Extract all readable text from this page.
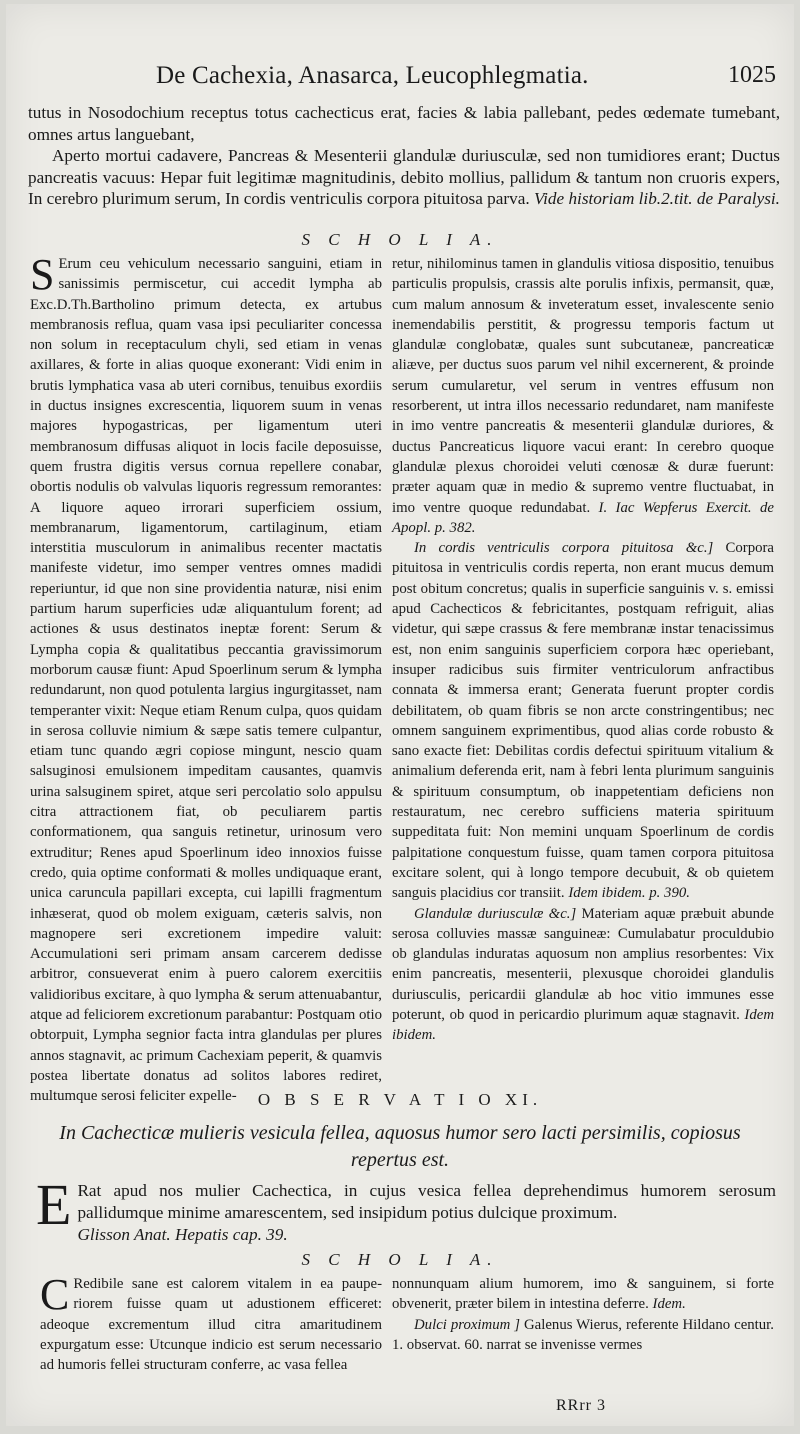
De Cachexia, Anasarca, Leucophlegmatia.	1025

tutus in Nosodochium receptus totus cachecticus erat, facies & labia pallebant, pedes œdemate tumebant, omnes artus languebant,

Aperto mortui cadavere, Pancreas & Mesenterii glandulæ duriusculæ, sed non tumidiores erant; Ductus pancreatis vacuus: Hepar fuit legitimæ magnitudinis, debito mollius, pallidum & tantum non cruoris expers, In cerebro plurimum serum, In cordis ventriculis corpora pituitosa parva. Vide historiam lib.2.tit. de Paralysi.

S C H O L I A.

S Erum ceu vehiculum necessario sanguini, etiam in sanissimis permiscetur, cui accedit lympha ab Exc.D.Th.Bartholino primum detecta, ex artubus membranosis reflua, quam vasa ipsi peculiariter concessa non solum in receptaculum chyli, sed etiam in venas axillares, & forte in alias quoque exonerant: Vidi enim in brutis lymphatica vasa ab uteri cornibus, tenuibus exordiis in ductus insignes excrescentia, liquorem suum in venas majores hypogastricas, per ligamentum uteri membranosum diffusas aliquot in locis facile deposuisse, quem frustra digitis versus cornua repellere conabar, obortis nodulis ob valvulas liquoris regressum remorantes: A liquore aqueo irrorari superficiem ossium, membranarum, ligamentorum, cartilaginum, etiam interstitia musculorum in animalibus recenter mactatis manifeste videtur, imo semper ventres omnes madidi reperiuntur, id que non sine providentia naturæ, nisi enim partium harum superficies udæ aliquantulum forent; ad actiones & usus destinatos ineptæ forent: Serum & Lympha copia & qualitatibus peccantia gravissimorum morborum causæ fiunt: Apud Spoerlinum serum & lympha redundarunt, non quod potulenta largius ingurgitasset, nam temperanter vixit: Neque etiam Renum culpa, quos quidam in serosa colluvie nimium & sæpe satis temere culpantur, etiam tunc quando ægri copiose mingunt, nescio quam salsuginosi emulsionem impeditam causantes, quamvis urina salsuginem spiret, atque seri percolatio solo appulsu citra attractionem fiat, ob peculiarem partis conformationem, qua sanguis retinetur, urinosum vero extruditur; Renes apud Spoerlinum ideo innoxios fuisse credo, quia optime conformati & molles undiquaque erant, unica caruncula papillari excepta, cui lapilli fragmentum inhæserat, quod ob molem exiguam, cæteris salvis, non magnopere seri excretionem impedire valuit: Accumulationi seri primam ansam carcerem dedisse arbitror, consueverat enim à puero calorem exercitiis validioribus excitare, à quo lympha & serum attenuabantur, atque ad feliciorem excretionum parabantur: Postquam otio obtorpuit, Lympha segnior facta intra glandulas per plures annos stagnavit, ac primum Cachexiam peperit, & quamvis postea libertate donatus ad solitos labores rediret, multumque serosi feliciter expelle-

retur, nihilominus tamen in glandulis vitiosa dispositio, tenuibus particulis propulsis, crassis alte porulis infixis, permansit, quæ, cum malum annosum & inveteratum esset, invalescente senio inemendabilis perstitit, & progressu temporis factum ut glandulæ conglobatæ, quales sunt subcutaneæ, pancreaticæ aliæve, per ductus suos parum vel nihil excernerent, & proinde serum cumularetur, vel serum in ventres effusum non resorberent, ut intra illos necessario redundaret, nam manifeste in imo ventre pancreatis & mesenterii glandulæ duriores, & ductus Pancreaticus liquore vacui erant: In cerebro quoque glandulæ plexus choroidei veluti cœnosæ & duræ fuerunt: præter aquam quæ in medio & supremo ventre fluctuabat, in imo ventre quoque redundabat. I. Iac Wepferus Exercit. de Apopl. p. 382.

In cordis ventriculis corpora pituitosa &c.] Corpora pituitosa in ventriculis cordis reperta, non erant mucus demum post obitum concretus; qualis in superficie sanguinis v. s. emissi apud Cachecticos & febricitantes, postquam refriguit, alias videtur, qui sæpe crassus & fere membranæ instar tenacissimus est, non enim sanguinis superficiem corpora hæc operiebant, insuper radicibus suis firmiter ventriculorum anfractibus connata & immersa erant; Generata fuerunt propter cordis debilitatem, ob quam fibris se non arcte constringentibus; nec omnem sanguinem exprimentibus, quod alias corde robusto & sano exacte fiet: Debilitas cordis defectui spirituum vitalium & animalium deferenda erit, nam à febri lenta plurimum sanguinis & spirituum consumptum, ob inappetentiam deficiens non restauratum, nec cerebro sufficiens materia spirituum suppeditata fuit: Non memini unquam Spoerlinum de cordis palpitatione conquestum fuisse, quam tamen corpora pituitosa excitare solent, qui à longo tempore decubuit, & ob quietem sanguis placidius cor transiit. Idem ibidem. p. 390.

Glandulæ duriusculæ &c.] Materiam aquæ præbuit abunde serosa colluvies massæ sanguineæ: Cumulabatur proculdubio ob glandulas induratas aquosum non amplius resorbentes: Vix enim pancreatis, mesenterii, plexusque choroidei glandulis duriusculis, pericardii glandulæ ab hoc vitio immunes esse poterunt, ob quod in pericardio plurimum aquæ stagnavit. Idem ibidem.

O B S E R V A T I O XI.
In Cachecticæ mulieris vesicula fellea, aquosus humor sero lacti persimilis, copiosus repertus est.

E Rat apud nos mulier Cachectica, in cujus vesica fellea deprehendimus humorem serosum pallidumque minime amarescentem, sed insipidum potius dulcique proximum.
Glisson Anat. Hepatis cap. 39.

S C H O L I A.

C Redibile sane est calorem vitalem in ea paupe-riorem fuisse quam ut adustionem efficeret: adeoque excrementum illud citra amaritudinem expurgatum esse: Utcunque indicio est serum necessario ad humoris fellei structuram conferre, ac vasa fellea

nonnunquam alium humorem, imo & sanguinem, si forte obvenerit, præter bilem in intestina deferre. Idem.

Dulci proximum ] Galenus Wierus, referente Hildano centur. 1. observat. 60. narrat se invenisse vermes

RRrr 3
